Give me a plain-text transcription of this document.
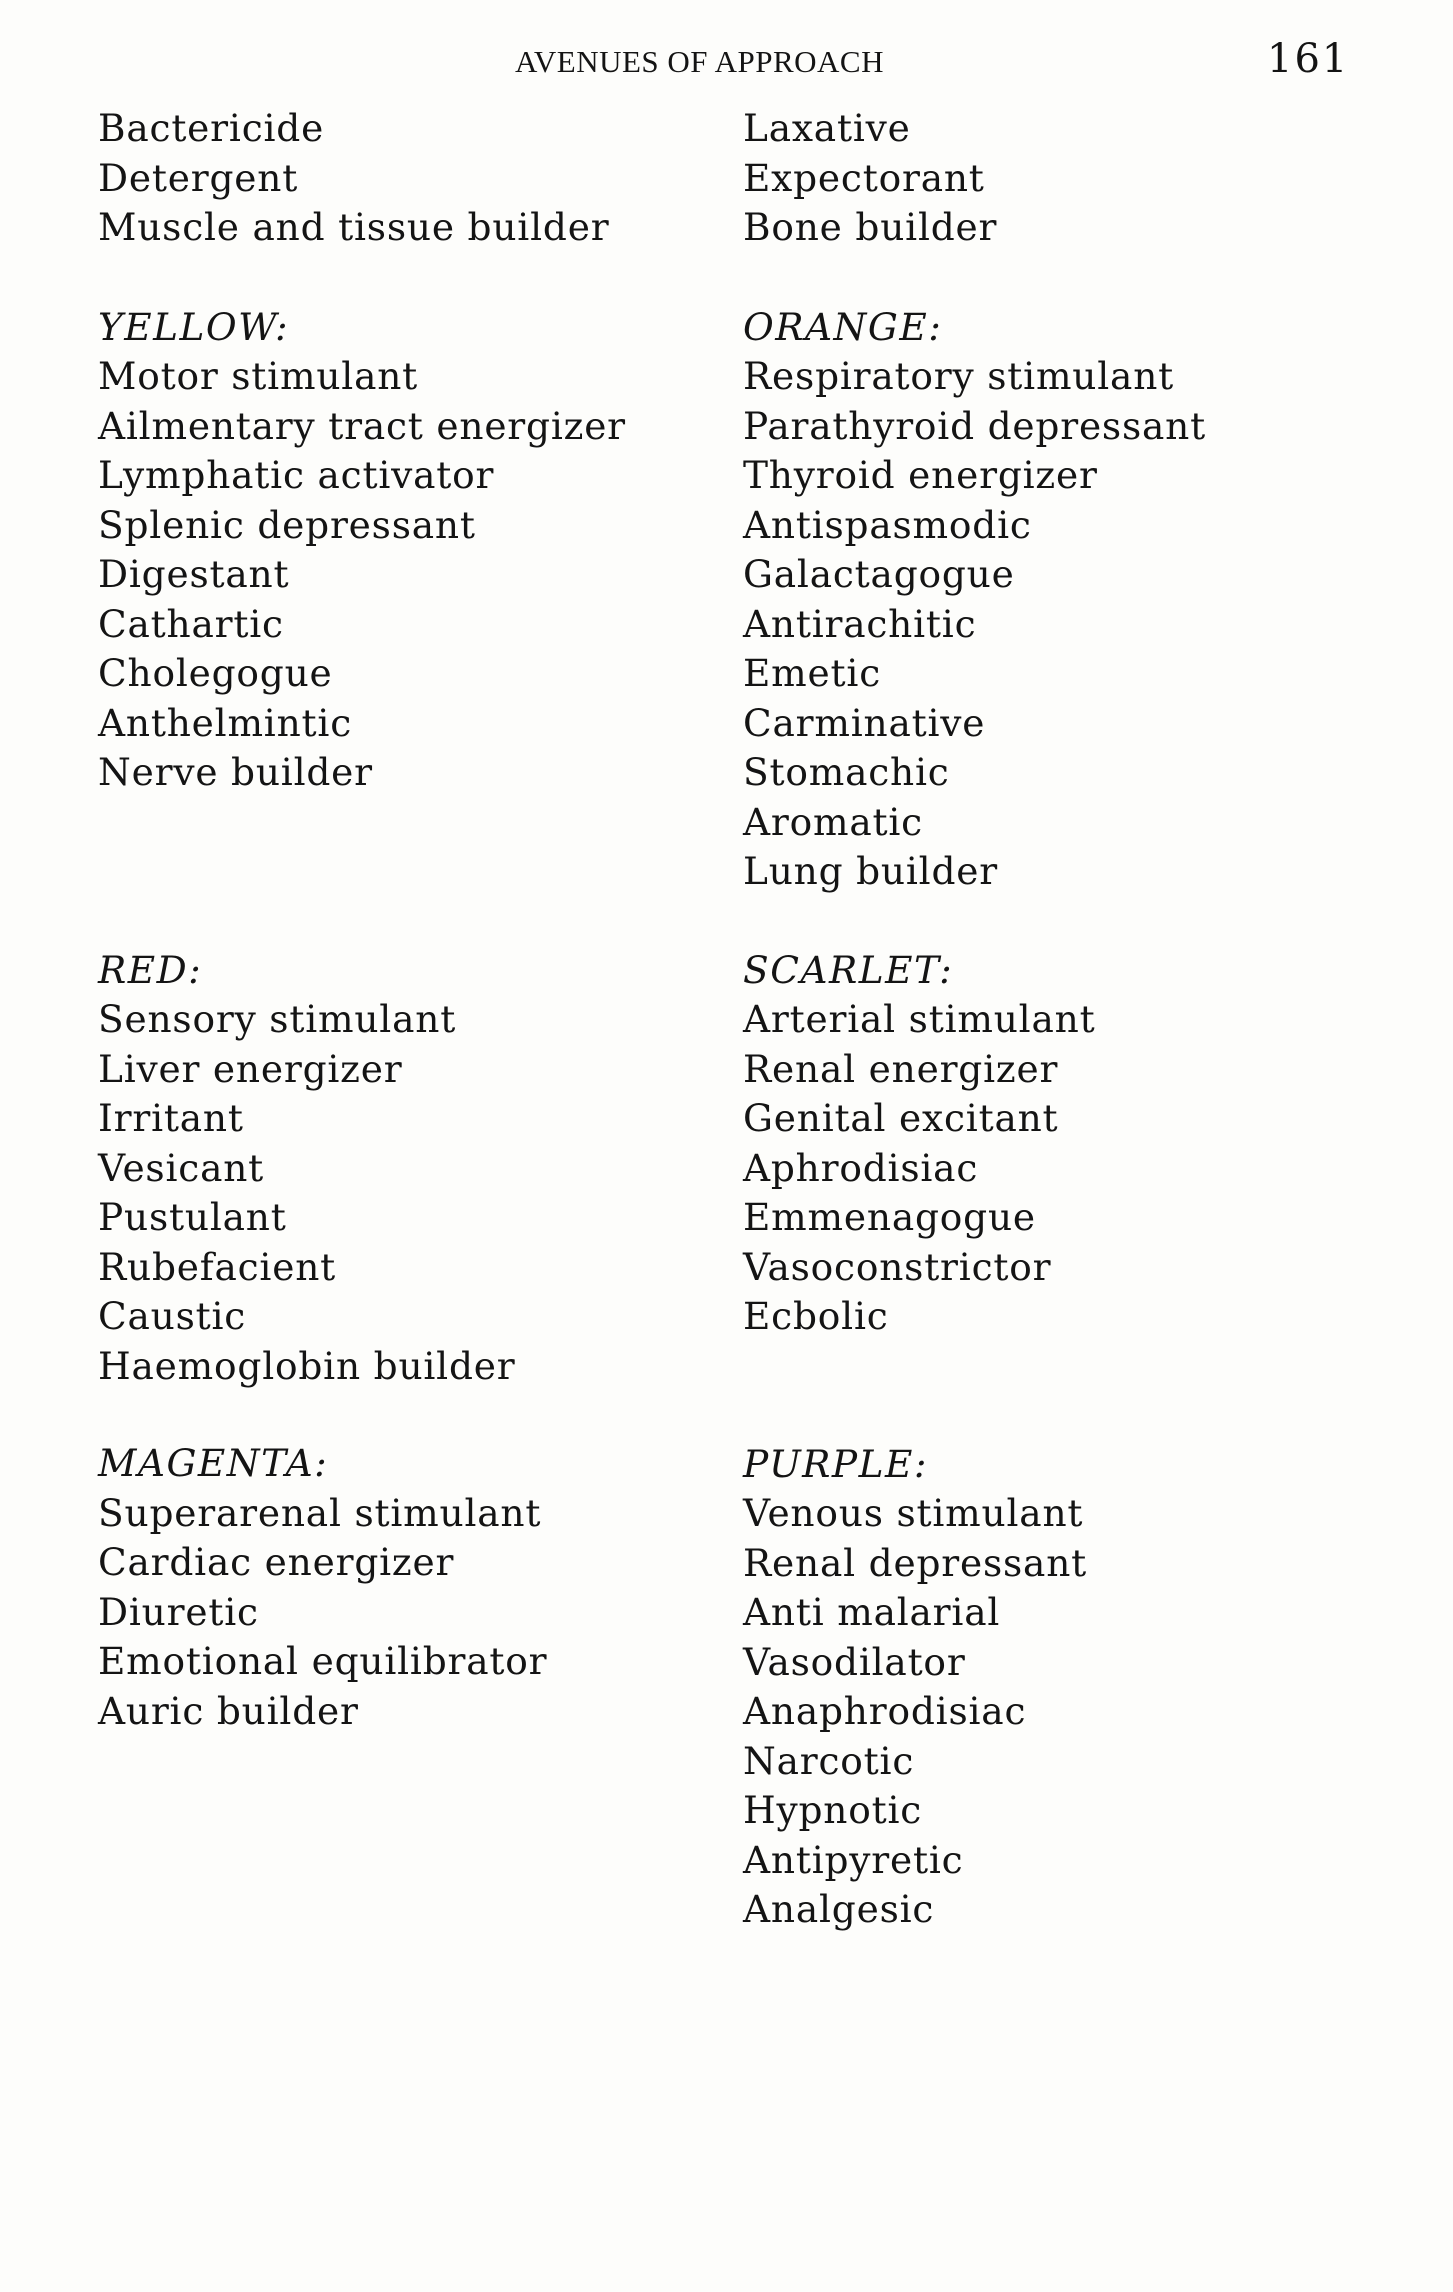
AVENUES OF APPROACH	161
Bactericide
Detergent
Muscle and tissue builder
YELLOW:
Motor stimulant
Ailmentary tract energizer
Lymphatic activator
Splenic depressant
Digestant
Cathartic
Cholegogue
Anthelmintic
Nerve builder
RED:
Sensory stimulant
Liver energizer
Irritant
Vesicant
Pustulant
Rubefacient
Caustic
Haemoglobin builder
MAGENTA:
Superarenal stimulant
Cardiac energizer
Diuretic
Emotional equilibrator
Auric builder
Laxative
Expectorant
Bone builder
ORANGE:
Respiratory stimulant
Parathyroid depressant
Thyroid energizer
Antispasmodic
Galactagogue
Antirachitic
Emetic
Carminative
Stomachic
Aromatic
Lung builder
SCARLET:
Arterial stimulant
Renal energizer
Genital excitant
Aphrodisiac
Emmenagogue
Vasoconstrictor
Ecbolic
PURPLE:
Venous stimulant
Renal depressant
Anti malarial
Vasodilator
Anaphrodisiac
Narcotic
Hypnotic
Antipyretic
Analgesic
